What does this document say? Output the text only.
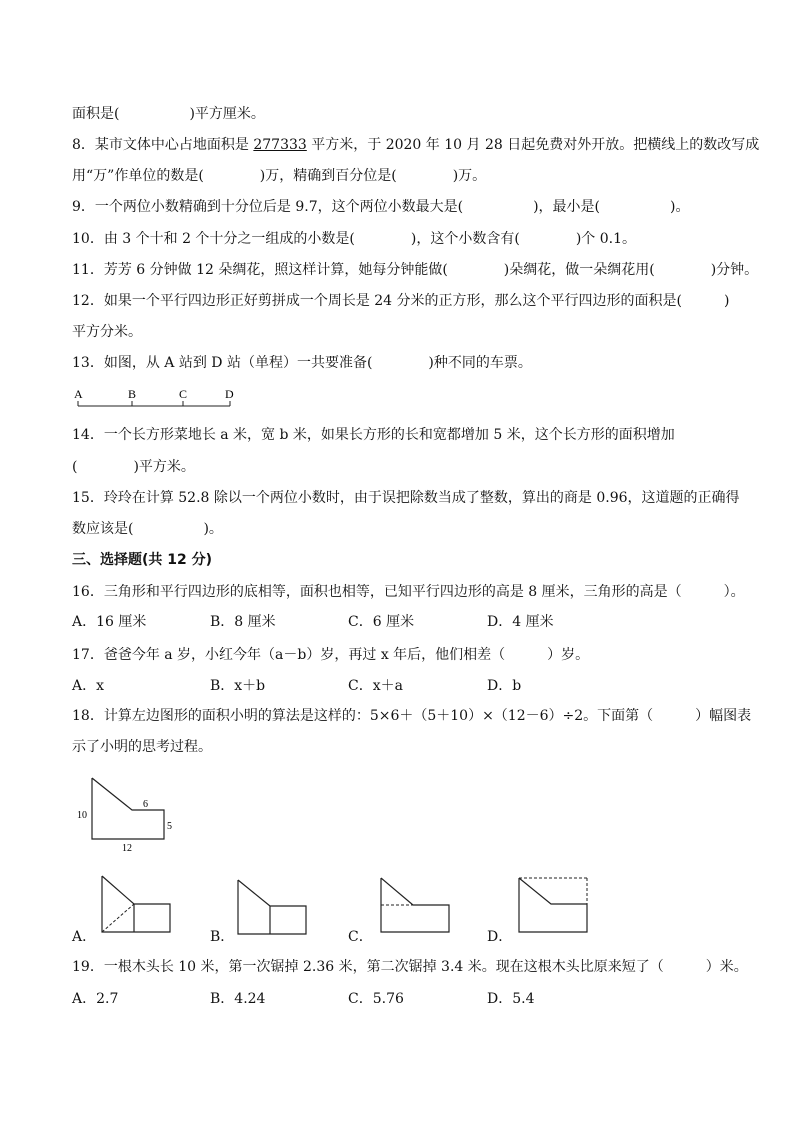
面积是(　　　　　)平方厘米。
8．某市文体中心占地面积是 277333 平方米，于 2020 年 10 月 28 日起免费对外开放。把横线上的数改写成
用“万”作单位的数是(　　　　)万，精确到百分位是(　　　　)万。
9．一个两位小数精确到十分位后是 9.7，这个两位小数最大是(　　　　　)，最小是(　　　　　)。
10．由 3 个十和 2 个十分之一组成的小数是(　　　　)，这个小数含有(　　　　)个 0.1。
11．芳芳 6 分钟做 12 朵绸花，照这样计算，她每分钟能做(　　　　)朵绸花，做一朵绸花用(　　　　)分钟。
12．如果一个平行四边形正好剪拼成一个周长是 24 分米的正方形，那么这个平行四边形的面积是(　　　)
平方分米。
13．如图，从 A 站到 D 站（单程）一共要准备(　　　　)种不同的车票。
A	B	C	D
14．一个长方形菜地长 a 米，宽 b 米，如果长方形的长和宽都增加 5 米，这个长方形的面积增加
(　　　　)平方米。
15．玲玲在计算 52.8 除以一个两位小数时，由于误把除数当成了整数，算出的商是 0.96，这道题的正确得
数应该是(　　　　　)。
三、选择题(共 12 分)
16．三角形和平行四边形的底相等，面积也相等，已知平行四边形的高是 8 厘米，三角形的高是（　　　）。
A．16 厘米	B．8 厘米	C．6 厘米	D．4 厘米
17．爸爸今年 a 岁，小红今年（a－b）岁，再过 x 年后，他们相差（　　　）岁。
A．x	B．x＋b	C．x＋a	D．b
18．计算左边图形的面积小明的算法是这样的：5×6＋（5＋10）×（12－6）÷2。下面第（　　　）幅图表
示了小明的思考过程。
10
6
5
12
A．	B．	C．	D．
19．一根木头长 10 米，第一次锯掉 2.36 米，第二次锯掉 3.4 米。现在这根木头比原来短了（　　　）米。
A．2.7	B．4.24	C．5.76	D．5.4
